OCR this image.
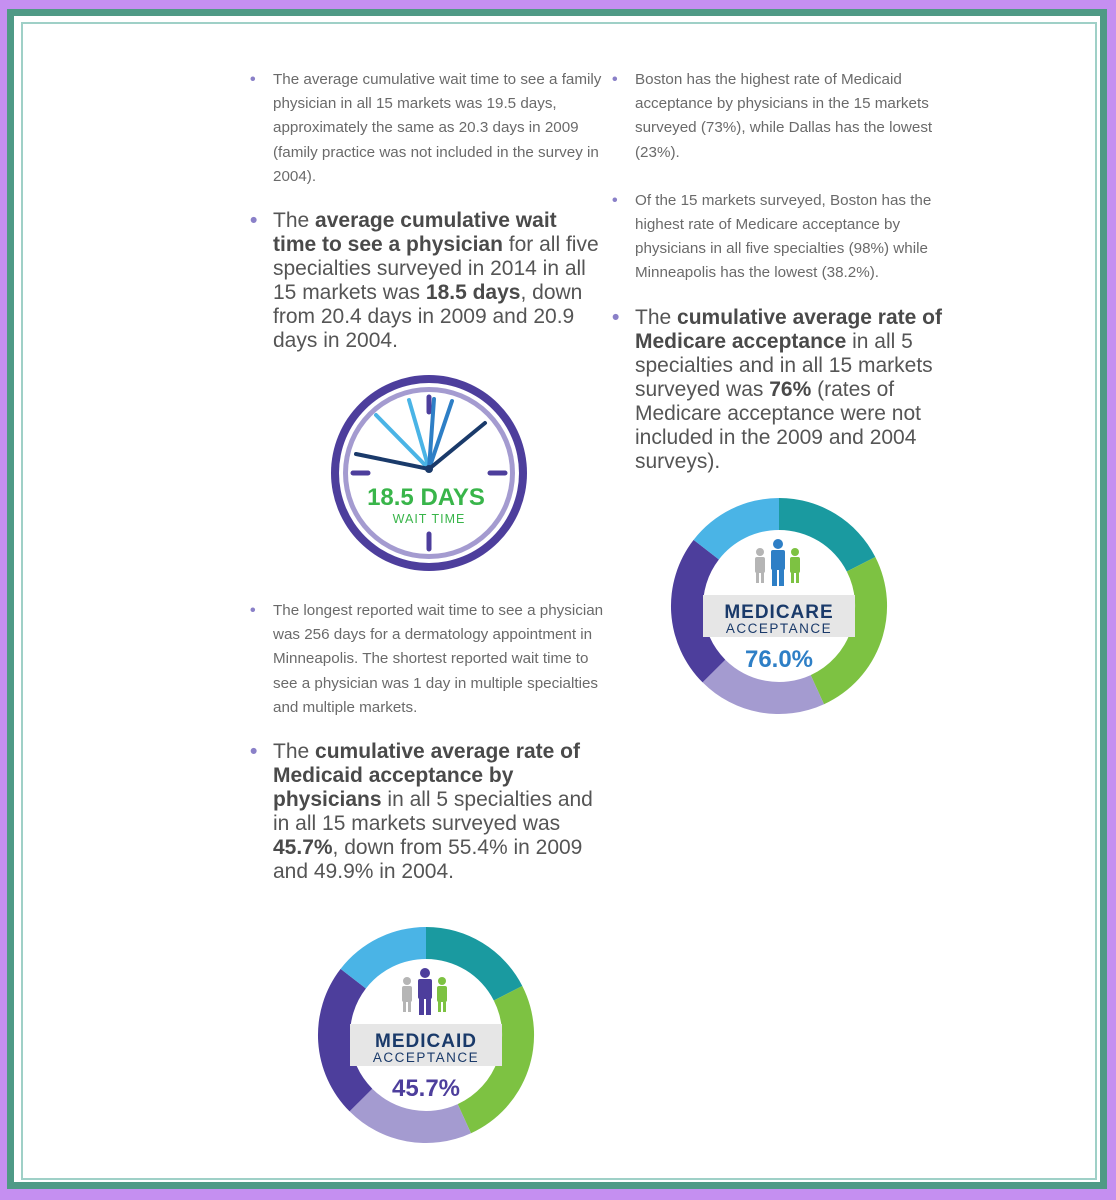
• The average cumulative wait time to see a family physician in all 15 markets was 19.5 days, approximately the same as 20.3 days in 2009 (family practice was not included in the survey in 2004).

• The average cumulative wait time to see a physician for all five specialties surveyed in 2014 in all 15 markets was 18.5 days, down from 20.4 days in 2009 and 20.9 days in 2004.

18.5 DAYS
WAIT TIME

• The longest reported wait time to see a physician was 256 days for a dermatology appointment in Minneapolis. The shortest reported wait time to see a physician was 1 day in multiple specialties and multiple markets.

• The cumulative average rate of Medicaid acceptance by physicians in all 5 specialties and in all 15 markets surveyed was 45.7%, down from 55.4% in 2009 and 49.9% in 2004.

MEDICAID
ACCEPTANCE
45.7%

• Boston has the highest rate of Medicaid acceptance by physicians in the 15 markets surveyed (73%), while Dallas has the lowest (23%).

• Of the 15 markets surveyed, Boston has the highest rate of Medicare acceptance by physicians in all five specialties (98%) while Minneapolis has the lowest (38.2%).

• The cumulative average rate of Medicare acceptance in all 5 specialties and in all 15 markets surveyed was 76% (rates of Medicare acceptance were not included in the 2009 and 2004 surveys).

MEDICARE
ACCEPTANCE
76.0%
